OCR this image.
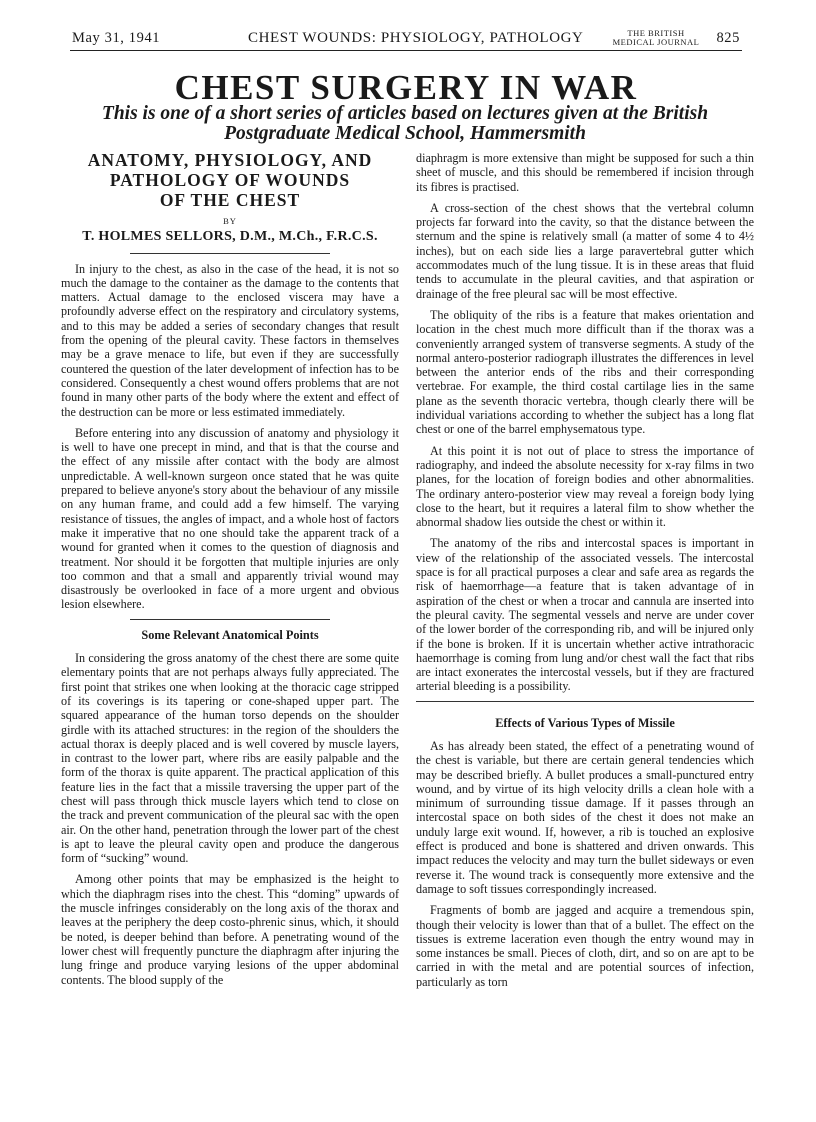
May 31, 1941	CHEST WOUNDS: PHYSIOLOGY, PATHOLOGY	THE BRITISH
MEDICAL JOURNAL 825
CHEST SURGERY IN WAR

This is one of a short series of articles based on lectures given at the British Postgraduate Medical School, Hammersmith

ANATOMY, PHYSIOLOGY, AND
PATHOLOGY OF WOUNDS
OF THE CHEST
BY
T. HOLMES SELLORS, D.M., M.Ch., F.R.C.S.

In injury to the chest, as also in the case of the head, it is not so much the damage to the container as the damage to the contents that matters. Actual damage to the enclosed viscera may have a profoundly adverse effect on the respiratory and circulatory systems, and to this may be added a series of secondary changes that result from the opening of the pleural cavity. These factors in themselves may be a grave menace to life, but even if they are successfully countered the question of the later development of infection has to be considered. Consequently a chest wound offers problems that are not found in many other parts of the body where the extent and effect of the destruction can be more or less estimated immediately.

Before entering into any discussion of anatomy and physiology it is well to have one precept in mind, and that is that the course and the effect of any missile after contact with the body are almost unpredictable. A well-known surgeon once stated that he was quite prepared to believe anyone's story about the behaviour of any missile on any human frame, and could add a few himself. The varying resistance of tissues, the angles of impact, and a whole host of factors make it imperative that no one should take the apparent track of a wound for granted when it comes to the question of diagnosis and treatment. Nor should it be forgotten that multiple injuries are only too common and that a small and apparently trivial wound may disastrously be overlooked in face of a more urgent and obvious lesion elsewhere.

Some Relevant Anatomical Points

In considering the gross anatomy of the chest there are some quite elementary points that are not perhaps always fully appreciated. The first point that strikes one when looking at the thoracic cage stripped of its coverings is its tapering or cone-shaped upper part. The squared appearance of the human torso depends on the shoulder girdle with its attached structures: in the region of the shoulders the actual thorax is deeply placed and is well covered by muscle layers, in contrast to the lower part, where ribs are easily palpable and the form of the thorax is quite apparent. The practical application of this feature lies in the fact that a missile traversing the upper part of the chest will pass through thick muscle layers which tend to close on the track and prevent communication of the pleural sac with the open air. On the other hand, penetration through the lower part of the chest is apt to leave the pleural cavity open and produce the dangerous form of “sucking” wound.

Among other points that may be emphasized is the height to which the diaphragm rises into the chest. This “doming” upwards of the muscle infringes considerably on the long axis of the thorax and leaves at the periphery the deep costo-phrenic sinus, which, it should be noted, is deeper behind than before. A penetrating wound of the lower chest will frequently puncture the diaphragm after injuring the lung fringe and produce varying lesions of the upper abdominal contents. The blood supply of the

diaphragm is more extensive than might be supposed for such a thin sheet of muscle, and this should be remembered if incision through its fibres is practised.

A cross-section of the chest shows that the vertebral column projects far forward into the cavity, so that the distance between the sternum and the spine is relatively small (a matter of some 4 to 4½ inches), but on each side lies a large paravertebral gutter which accommodates much of the lung tissue. It is in these areas that fluid tends to accumulate in the pleural cavities, and that aspiration or drainage of the free pleural sac will be most effective.

The obliquity of the ribs is a feature that makes orientation and location in the chest much more difficult than if the thorax was a conveniently arranged system of transverse segments. A study of the normal antero-posterior radiograph illustrates the differences in level between the anterior ends of the ribs and their corresponding vertebrae. For example, the third costal cartilage lies in the same plane as the seventh thoracic vertebra, though clearly there will be individual variations according to whether the subject has a long flat chest or one of the barrel emphysematous type.

At this point it is not out of place to stress the importance of radiography, and indeed the absolute necessity for x-ray films in two planes, for the location of foreign bodies and other abnormalities. The ordinary antero-posterior view may reveal a foreign body lying close to the heart, but it requires a lateral film to show whether the abnormal shadow lies outside the chest or within it.

The anatomy of the ribs and intercostal spaces is important in view of the relationship of the associated vessels. The intercostal space is for all practical purposes a clear and safe area as regards the risk of haemorrhage—a feature that is taken advantage of in aspiration of the chest or when a trocar and cannula are inserted into the pleural cavity. The segmental vessels and nerve are under cover of the lower border of the corresponding rib, and will be injured only if the bone is broken. If it is uncertain whether active intrathoracic haemorrhage is coming from lung and/or chest wall the fact that ribs are intact exonerates the intercostal vessels, but if they are fractured arterial bleeding is a possibility.

Effects of Various Types of Missile

As has already been stated, the effect of a penetrating wound of the chest is variable, but there are certain general tendencies which may be described briefly. A bullet produces a small-punctured entry wound, and by virtue of its high velocity drills a clean hole with a minimum of surrounding tissue damage. If it passes through an intercostal space on both sides of the chest it does not make an unduly large exit wound. If, however, a rib is touched an explosive effect is produced and bone is shattered and driven onwards. This impact reduces the velocity and may turn the bullet sideways or even reverse it. The wound track is consequently more extensive and the damage to soft tissues correspondingly increased.

Fragments of bomb are jagged and acquire a tremendous spin, though their velocity is lower than that of a bullet. The effect on the tissues is extreme laceration even though the entry wound may in some instances be small. Pieces of cloth, dirt, and so on are apt to be carried in with the metal and are potential sources of infection, particularly as torn
